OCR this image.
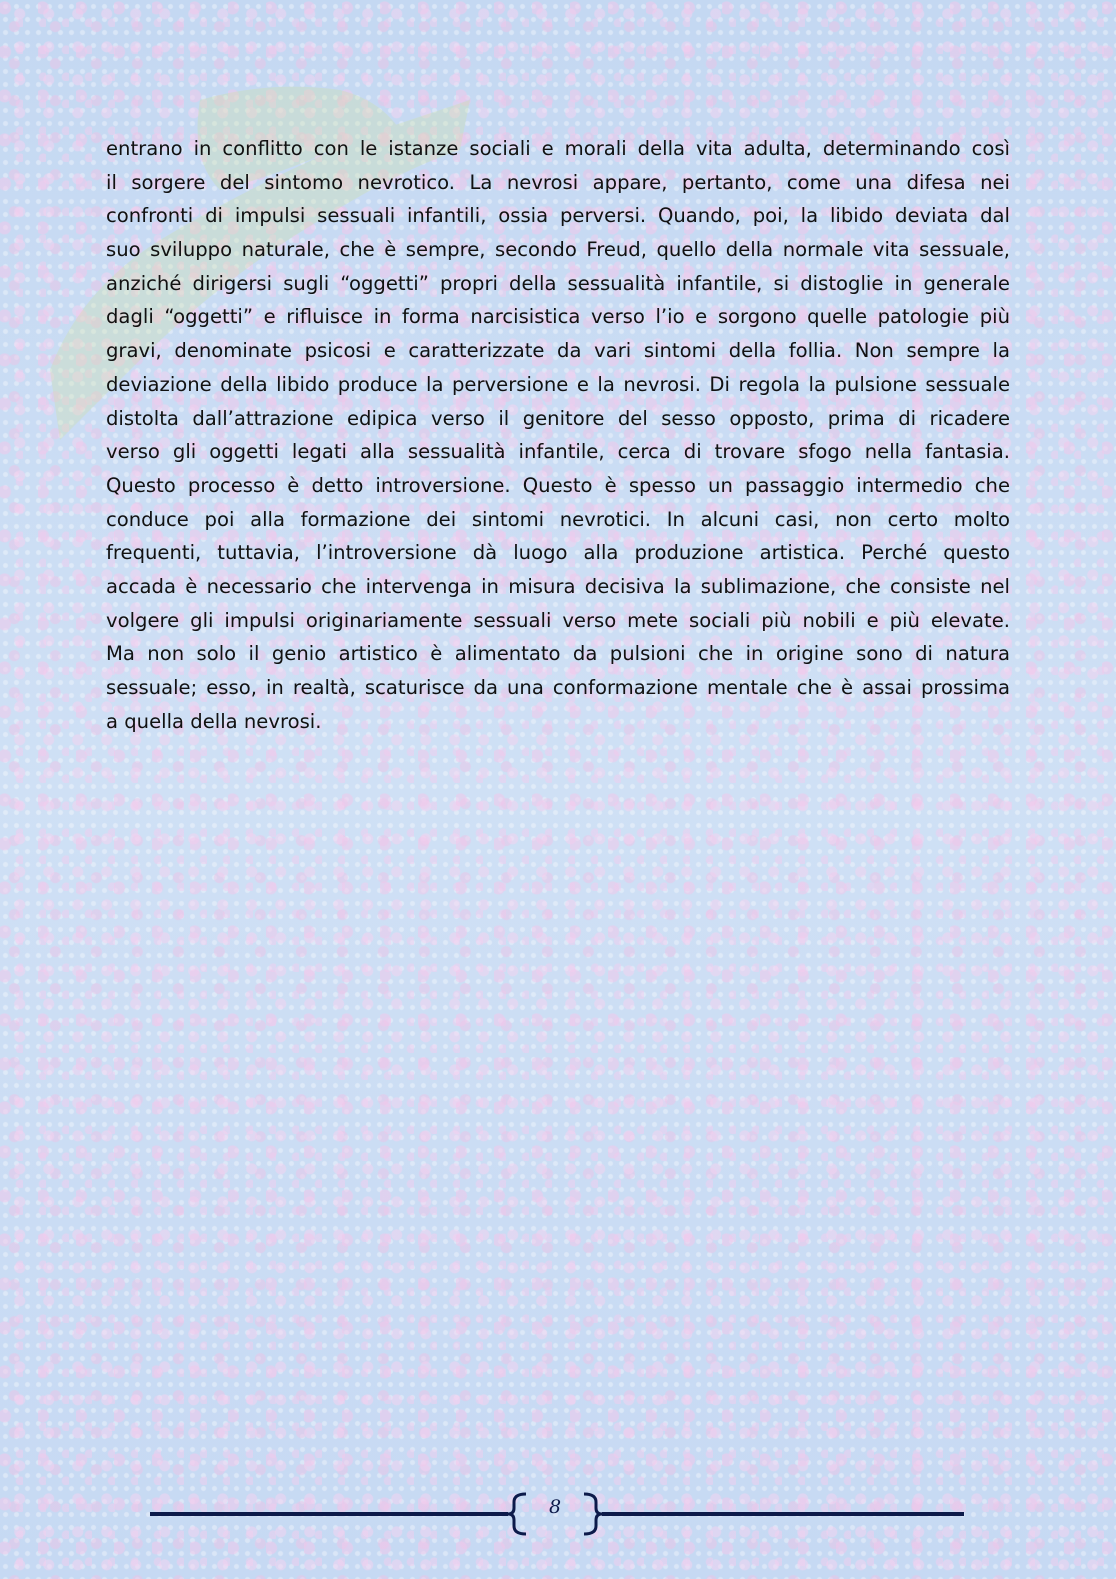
entrano in conflitto con le istanze sociali e morali della vita adulta, determinando così
il sorgere del sintomo nevrotico. La nevrosi appare, pertanto, come una difesa nei
confronti di impulsi sessuali infantili, ossia perversi. Quando, poi, la libido deviata dal
suo sviluppo naturale, che è sempre, secondo Freud, quello della normale vita sessuale,
anziché dirigersi sugli “oggetti” propri della sessualità infantile, si distoglie in generale
dagli “oggetti” e rifluisce in forma narcisistica verso l’io e sorgono quelle patologie più
gravi, denominate psicosi e caratterizzate da vari sintomi della follia. Non sempre la
deviazione della libido produce la perversione e la nevrosi. Di regola la pulsione sessuale
distolta dall’attrazione edipica verso il genitore del sesso opposto, prima di ricadere
verso gli oggetti legati alla sessualità infantile, cerca di trovare sfogo nella fantasia.
Questo processo è detto introversione. Questo è spesso un passaggio intermedio che
conduce poi alla formazione dei sintomi nevrotici. In alcuni casi, non certo molto
frequenti, tuttavia, l’introversione dà luogo alla produzione artistica. Perché questo
accada è necessario che intervenga in misura decisiva la sublimazione, che consiste nel
volgere gli impulsi originariamente sessuali verso mete sociali più nobili e più elevate.
Ma non solo il genio artistico è alimentato da pulsioni che in origine sono di natura
sessuale; esso, in realtà, scaturisce da una conformazione mentale che è assai prossima
a quella della nevrosi.
8
